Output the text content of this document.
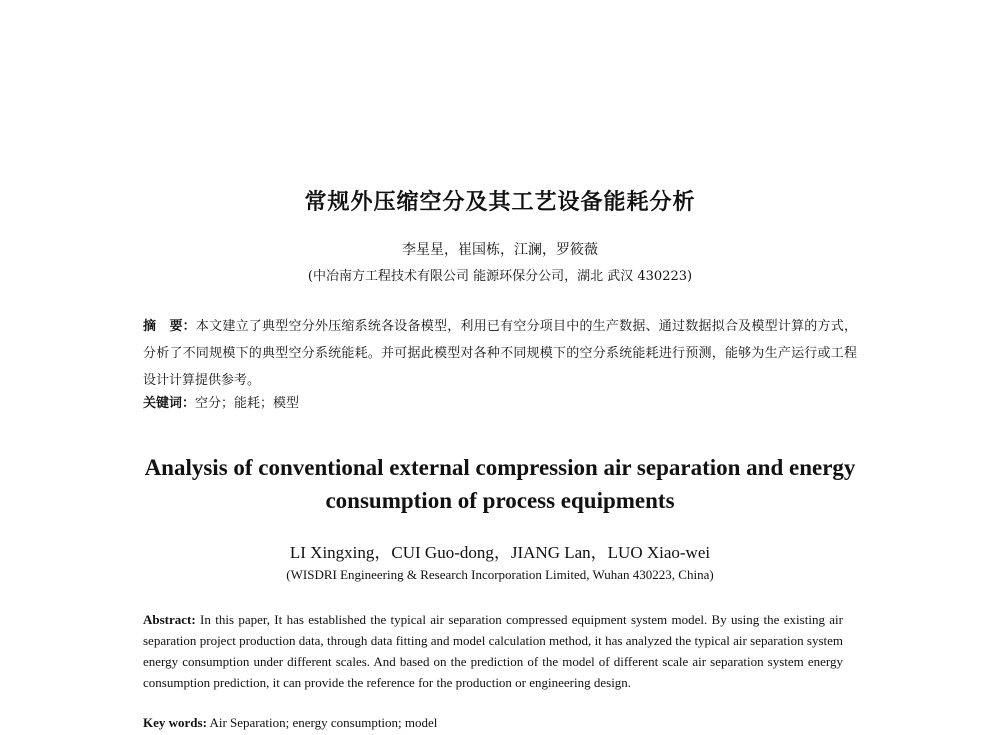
常规外压缩空分及其工艺设备能耗分析
李星星，崔国栋，江澜，罗筱薇
(中冶南方工程技术有限公司 能源环保分公司，湖北 武汉 430223)
摘　要：本文建立了典型空分外压缩系统各设备模型，利用已有空分项目中的生产数据、通过数据拟合及模型计算的方式，分析了不同规模下的典型空分系统能耗。并可据此模型对各种不同规模下的空分系统能耗进行预测，能够为生产运行或工程设计计算提供参考。
关键词：空分；能耗；模型
Analysis of conventional external compression air separation and energy consumption of process equipments
LI Xingxing，CUI Guo-dong，JIANG Lan，LUO Xiao-wei
(WISDRI Engineering & Research Incorporation Limited, Wuhan 430223, China)
Abstract: In this paper, It has established the typical air separation compressed equipment system model. By using the existing air separation project production data, through data fitting and model calculation method, it has analyzed the typical air separation system energy consumption under different scales. And based on the prediction of the model of different scale air separation system energy consumption prediction, it can provide the reference for the production or engineering design.
Key words: Air Separation; energy consumption; model
